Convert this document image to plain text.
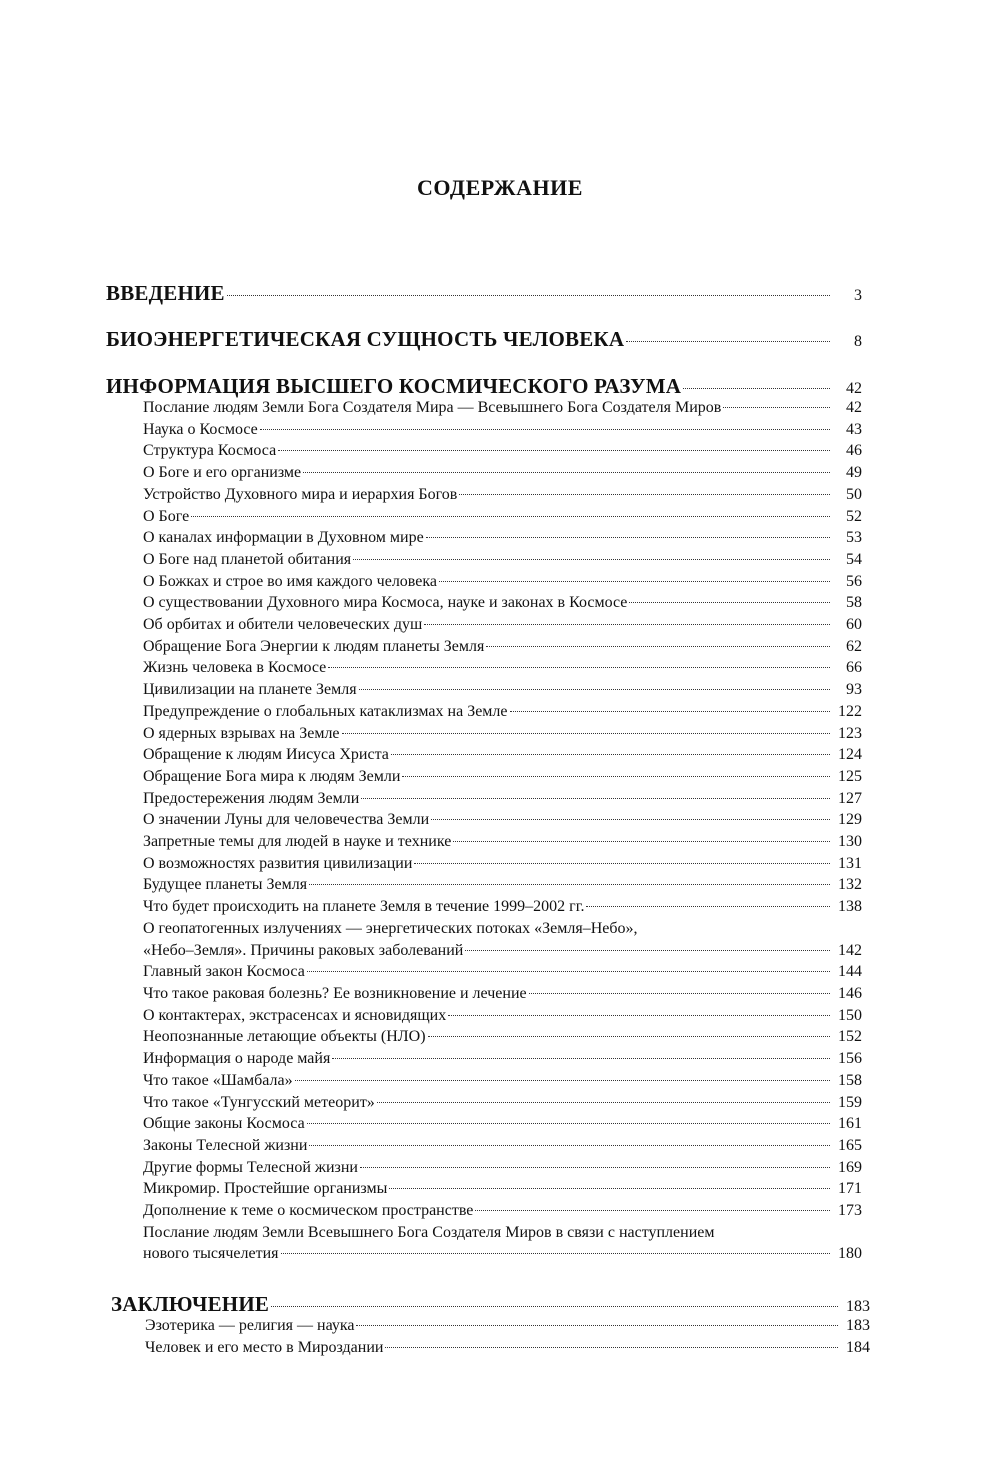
СОДЕРЖАНИЕ
ВВЕДЕНИЕ	3
БИОЭНЕРГЕТИЧЕСКАЯ СУЩНОСТЬ ЧЕЛОВЕКА	8
ИНФОРМАЦИЯ ВЫСШЕГО КОСМИЧЕСКОГО РАЗУМА	42
Послание людям Земли Бога Создателя Мира — Всевышнего Бога Создателя Миров	42
Наука о Космосе	43
Структура Космоса	46
О Боге и его организме	49
Устройство Духовного мира и иерархия Богов	50
О Боге	52
О каналах информации в Духовном мире	53
О Боге над планетой обитания	54
О Божках и строе во имя каждого человека	56
О существовании Духовного мира Космоса, науке и законах в Космосе	58
Об орбитах и обители человеческих душ	60
Обращение Бога Энергии к людям планеты Земля	62
Жизнь человека в Космосе	66
Цивилизации на планете Земля	93
Предупреждение о глобальных катаклизмах на Земле	122
О ядерных взрывах на Земле	123
Обращение к людям Иисуса Христа	124
Обращение Бога мира к людям Земли	125
Предостережения людям Земли	127
О значении Луны для человечества Земли	129
Запретные темы для людей в науке и технике	130
О возможностях развития цивилизации	131
Будущее планеты Земля	132
Что будет происходить на планете Земля в течение 1999–2002 гг.	138
О геопатогенных излучениях — энергетических потоках «Земля–Небо»,
«Небо–Земля». Причины раковых заболеваний	142
Главный закон Космоса	144
Что такое раковая болезнь? Ее возникновение и лечение	146
О контактерах, экстрасенсах и ясновидящих	150
Неопознанные летающие объекты (НЛО)	152
Информация о народе майя	156
Что такое «Шамбала»	158
Что такое «Тунгусский метеорит»	159
Общие законы Космоса	161
Законы Телесной жизни	165
Другие формы Телесной жизни	169
Микромир. Простейшие организмы	171
Дополнение к теме о космическом пространстве	173
Послание людям Земли Всевышнего Бога Создателя Миров в связи с наступлением
нового тысячелетия	180
ЗАКЛЮЧЕНИЕ	183
Эзотерика — религия — наука	183
Человек и его место в Мироздании	184
